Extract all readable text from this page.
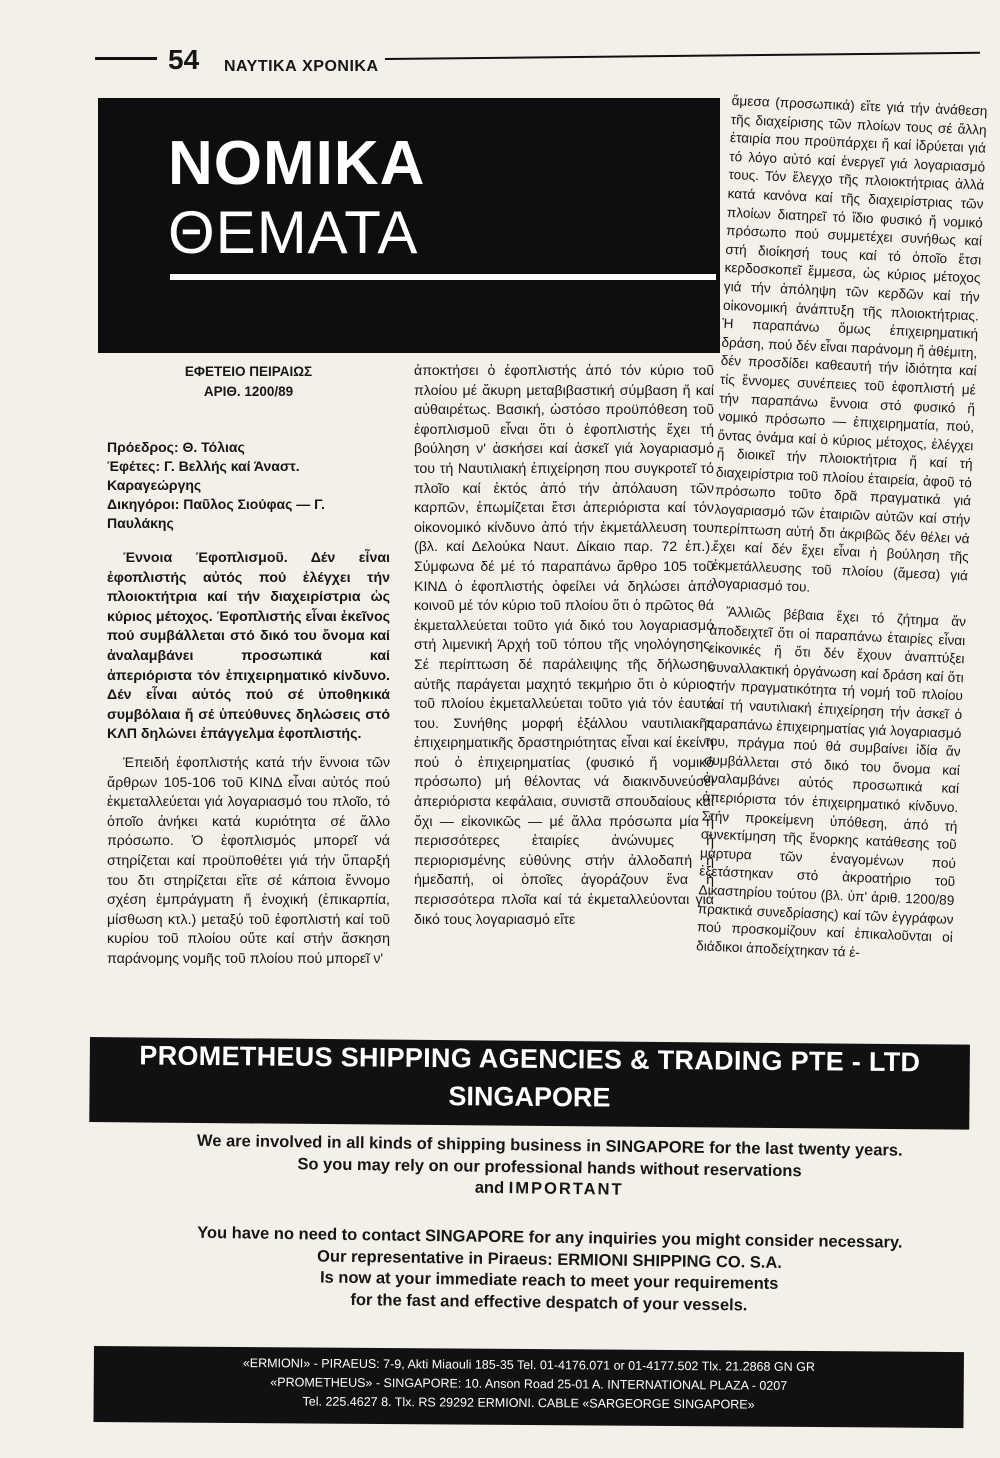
54 ΝΑΥΤΙΚΑ ΧΡΟΝΙΚΑ
ΝΟΜΙΚΑ
ΘΕΜΑΤΑ

ΕΦΕΤΕΙΟ ΠΕΙΡΑΙΩΣ
ΑΡΙΘ. 1200/89

Πρόεδρος: Θ. Τόλιας
Έφέτες: Γ. Βελλής καί Άναστ. Καραγεώργης
Δικηγόροι: Παῦλος Σιούφας — Γ. Παυλάκης

Έννοια Έφοπλισμοῦ. Δέν εἶναι ἐφοπλιστής αὐτός πού ἐλέγχει τήν πλοιοκτήτρια καί τήν διαχειρίστρια ὡς κύριος μέτοχος. Έφοπλιστής εἶναι ἐκεῖνος πού συμβάλλεται στό δικό του ὄνομα καί ἀναλαμβάνει προσωπικά καί ἀπεριόριστα τόν ἐπιχειρηματικό κίνδυνο. Δέν εἶναι αὐτός πού σέ ὑποθηκικά συμβόλαια ἤ σέ ὑπεύθυνες δηλώσεις στό ΚΛΠ δηλώνει ἐπάγγελμα ἐφοπλιστής.

Έπειδή ἐφοπλιστής κατά τήν ἔννοια τῶν ἄρθρων 105-106 τοῦ ΚΙΝΔ εἶναι αὐτός πού ἐκμεταλλεύεται γιά λογαριασμό του πλοῖο, τό ὁποῖο ἀνήκει κατά κυριότητα σέ ἄλλο πρόσωπο. Ὁ ἐφοπλισμός μπορεῖ νά στηρίζεται καί προϋποθέτει γιά τήν ὕπαρξή του δτι στηρίζεται εἴτε σέ κάποια ἔννομο σχέση ἐμπράγματη ἤ ἐνοχική (ἐπικαρπία, μίσθωση κτλ.) μεταξύ τοῦ ἐφοπλιστή καί τοῦ κυρίου τοῦ πλοίου οὔτε καί στήν ἄσκηση παράνομης νομῆς τοῦ πλοίου πού μπορεῖ ν'

ἀποκτήσει ὁ ἐφοπλιστής ἀπό τόν κύριο τοῦ πλοίου μέ ἄκυρη μεταβιβαστική σύμβαση ἤ καί αὐθαιρέτως. Βασική, ὡστόσο προϋπόθεση τοῦ ἐφοπλισμοῦ εἶναι ὅτι ὁ ἐφοπλιστής ἔχει τή βούληση ν' ἀσκήσει καί ἀσκεῖ γιά λογαριασμό του τή Ναυτιλιακή ἐπιχείρηση που συγκροτεῖ τό πλοῖο καί ἐκτός ἀπό τήν ἀπόλαυση τῶν καρπῶν, ἐπωμίζεται ἔτσι ἀπεριόριστα καί τόν οἰκονομικό κίνδυνο ἀπό τήν ἐκμετάλλευση του (βλ. καί Δελούκα Ναυτ. Δίκαιο παρ. 72 ἐπ.). Σύμφωνα δέ μέ τό παραπάνω ἄρθρο 105 τοῦ ΚΙΝΔ ὁ ἐφοπλιστής ὀφείλει νά δηλώσει ἀπό κοινοῦ μέ τόν κύριο τοῦ πλοίου ὅτι ὁ πρῶτος θά ἐκμεταλλεύεται τοῦτο γιά δικό του λογαριασμό στή λιμενική Άρχή τοῦ τόπου τῆς νηολόγησης. Σέ περίπτωση δέ παράλειψης τῆς δήλωσης αὐτῆς παράγεται μαχητό τεκμήριο ὅτι ὁ κύριος τοῦ πλοίου ἐκμεταλλεύεται τοῦτο γιά τόν ἑαυτό του. Συνήθης μορφή ἐξάλλου ναυτιλιακῆς ἐπιχειρηματικῆς δραστηριότητας εἶναι καί ἐκείνη πού ὁ ἐπιχειρηματίας (φυσικό ἤ νομικό πρόσωπο) μή θέλοντας νά διακινδυνεύσει ἀπεριόριστα κεφάλαια, συνιστᾶ σπουδαίους καί ὄχι — εἰκονικῶς — μέ ἄλλα πρόσωπα μία ἤ περισσότερες ἑταιρίες ἀνώνυμες ἤ περιορισμένης εὐθύνης στήν ἀλλοδαπή ἤ ἡμεδαπή, οἱ ὁποῖες ἀγοράζουν ἕνα ἤ περισσότερα πλοῖα καί τά ἐκμεταλλεύονται γιά δικό τους λογαριασμό εἴτε

ἄμεσα (προσωπικά) εἴτε γιά τήν ἀνάθεση τῆς διαχείρισης τῶν πλοίων τους σέ ἄλλη ἑταιρία που προϋπάρχει ἤ καί ἱδρύεται γιά τό λόγο αὐτό καί ἐνεργεῖ γιά λογαριασμό τους. Τόν ἔλεγχο τῆς πλοιοκτήτριας ἀλλά κατά κανόνα καί τῆς διαχειρίστριας τῶν πλοίων διατηρεῖ τό ἴδιο φυσικό ἤ νομικό πρόσωπο πού συμμετέχει συνήθως καί στή διοίκησή τους καί τό ὁποῖο ἔτσι κερδοσκοπεῖ ἔμμεσα, ὡς κύριος μέτοχος γιά τήν ἀπόληψη τῶν κερδῶν καί τήν οἰκονομική ἀνάπτυξη τῆς πλοιοκτήτριας. Ἡ παραπάνω ὅμως ἐπιχειρηματική δράση, πού δέν εἶναι παράνομη ἤ ἀθέμιτη, δέν προσδίδει καθεαυτή τήν ἰδιότητα καί τίς ἔννομες συνέπειες τοῦ ἐφοπλιστή μέ τήν παραπάνω ἔννοια στό φυσικό ἤ νομικό πρόσωπο — ἐπιχειρηματία, πού, ὄντας ὀνάμα καί ὁ κύριος μέτοχος, ἐλέγχει ἤ διοικεῖ τήν πλοιοκτήτρια ἤ καί τή διαχειρίστρια τοῦ πλοίου ἑταιρεία, ἀφοῦ τό πρόσωπο τοῦτο δρᾶ πραγματικά γιά λογαριασμό τῶν ἑταιριῶν αὐτῶν καί στήν περίπτωση αὐτή δτι ἀκριβῶς δέν θέλει νά ἔχει καί δέν ἔχει εἶναι ἡ βούληση τῆς ἐκμετάλλευσης τοῦ πλοίου (ἄμεσα) γιά λογαριασμό του.

Ἄλλιῶς βέβαια ἔχει τό ζήτημα ἄν ἀποδειχτεῖ ὅτι οἱ παραπάνω ἑταιρίες εἶναι εἰκονικές ἤ ὅτι δέν ἔχουν ἀναπτύξει συναλλακτική ὀργάνωση καί δράση καί ὅτι στήν πραγματικότητα τή νομή τοῦ πλοίου καί τή ναυτιλιακή ἐπιχείρηση τήν ἀσκεῖ ὁ παραπάνω ἐπιχειρηματίας γιά λογαριασμό του, πράγμα πού θά συμβαίνει ἰδία ἄν συμβάλλεται στό δικό του ὄνομα καί ἀναλαμβάνει αὐτός προσωπικά καί ἀπεριόριστα τόν ἐπιχειρηματικό κίνδυνο. Στήν προκείμενη ὑπόθεση, ἀπό τή συνεκτίμηση τῆς ἔνορκης κατάθεσης τοῦ μάρτυρα τῶν ἐναγομένων πού ἐξετάστηκαν στό ἀκροατήριο τοῦ Δικαστηρίου τούτου (βλ. ὑπ' ἀριθ. 1200/89 πρακτικά συνεδρίασης) καί τῶν ἐγγράφων πού προσκομίζουν καί ἐπικαλοῦνται οἱ διάδικοι ἀποδείχτηκαν τά ἑ-

PROMETHEUS SHIPPING AGENCIES & TRADING PTE - LTD
SINGAPORE
We are involved in all kinds of shipping business in SINGAPORE for the last twenty years.
So you may rely on our professional hands without reservations
and IMPORTANT
You have no need to contact SINGAPORE for any inquiries you might consider necessary.
Our representative in Piraeus: ERMIONI SHIPPING CO. S.A.
Is now at your immediate reach to meet your requirements
for the fast and effective despatch of your vessels.
«ERMIONI» - PIRAEUS: 7-9, Akti Miaouli 185-35 Tel. 01-4176.071 or 01-4177.502 Tlx. 21.2868 GN GR
«PROMETHEUS» - SINGAPORE: 10. Anson Road 25-01 A. INTERNATIONAL PLAZA - 0207
Tel. 225.4627 8. Tlx. RS 29292 ERMIONI. CABLE «SARGEORGE SINGAPORE»
